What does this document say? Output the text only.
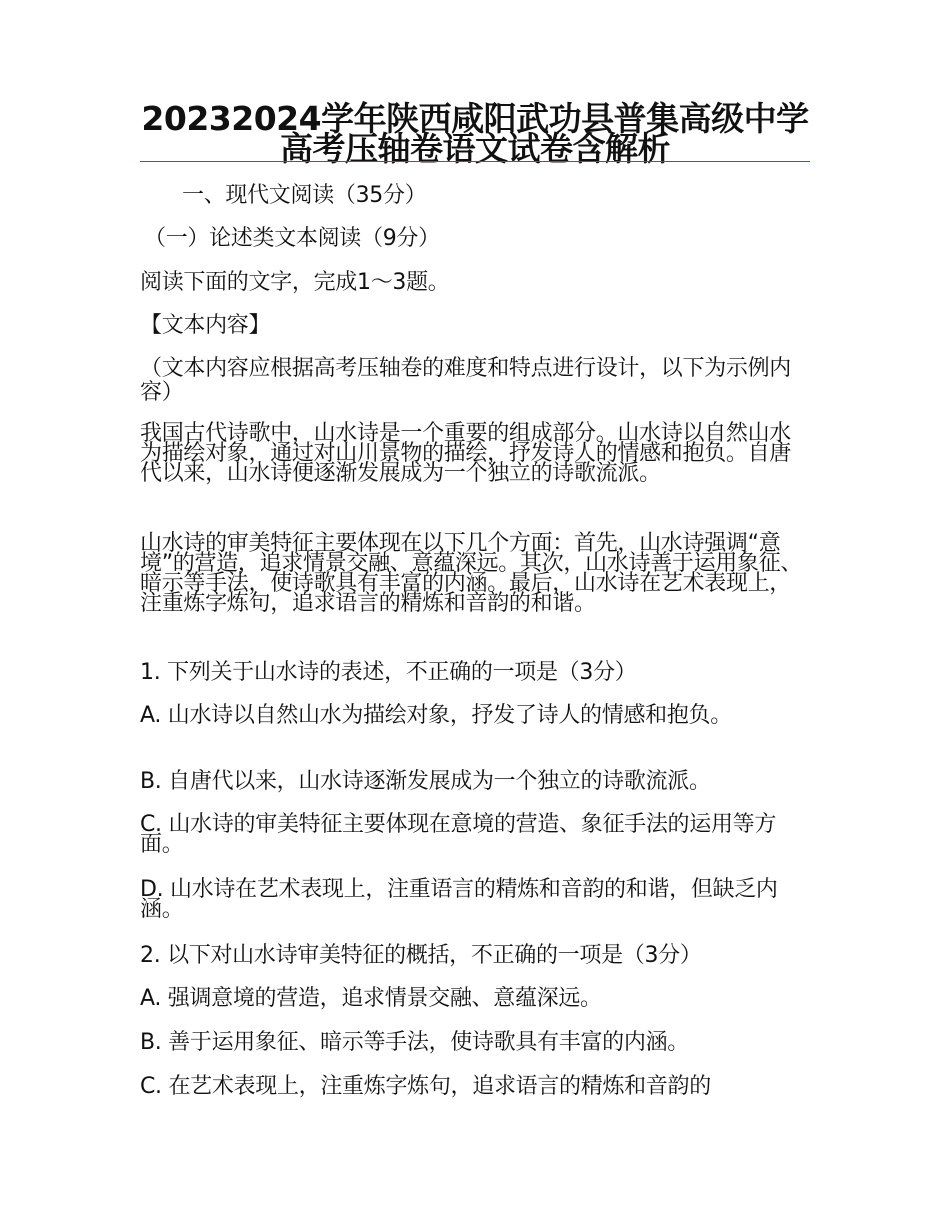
20232024学年陕西咸阳武功县普集高级中学高考压轴卷语文试卷含解析

一、现代文阅读（35分）

（一）论述类文本阅读（9分）

阅读下面的文字，完成1～3题。

【文本内容】

（文本内容应根据高考压轴卷的难度和特点进行设计，以下为示例内容）

我国古代诗歌中，山水诗是一个重要的组成部分。山水诗以自然山水为描绘对象，通过对山川景物的描绘，抒发诗人的情感和抱负。自唐代以来，山水诗便逐渐发展成为一个独立的诗歌流派。

山水诗的审美特征主要体现在以下几个方面：首先，山水诗强调“意境”的营造，追求情景交融、意蕴深远。其次，山水诗善于运用象征、暗示等手法，使诗歌具有丰富的内涵。最后，山水诗在艺术表现上，注重炼字炼句，追求语言的精炼和音韵的和谐。

1. 下列关于山水诗的表述，不正确的一项是（3分）

A. 山水诗以自然山水为描绘对象，抒发了诗人的情感和抱负。

B. 自唐代以来，山水诗逐渐发展成为一个独立的诗歌流派。

C. 山水诗的审美特征主要体现在意境的营造、象征手法的运用等方面。

D. 山水诗在艺术表现上，注重语言的精炼和音韵的和谐，但缺乏内涵。

2. 以下对山水诗审美特征的概括，不正确的一项是（3分）

A. 强调意境的营造，追求情景交融、意蕴深远。

B. 善于运用象征、暗示等手法，使诗歌具有丰富的内涵。

C. 在艺术表现上，注重炼字炼句，追求语言的精炼和音韵的
